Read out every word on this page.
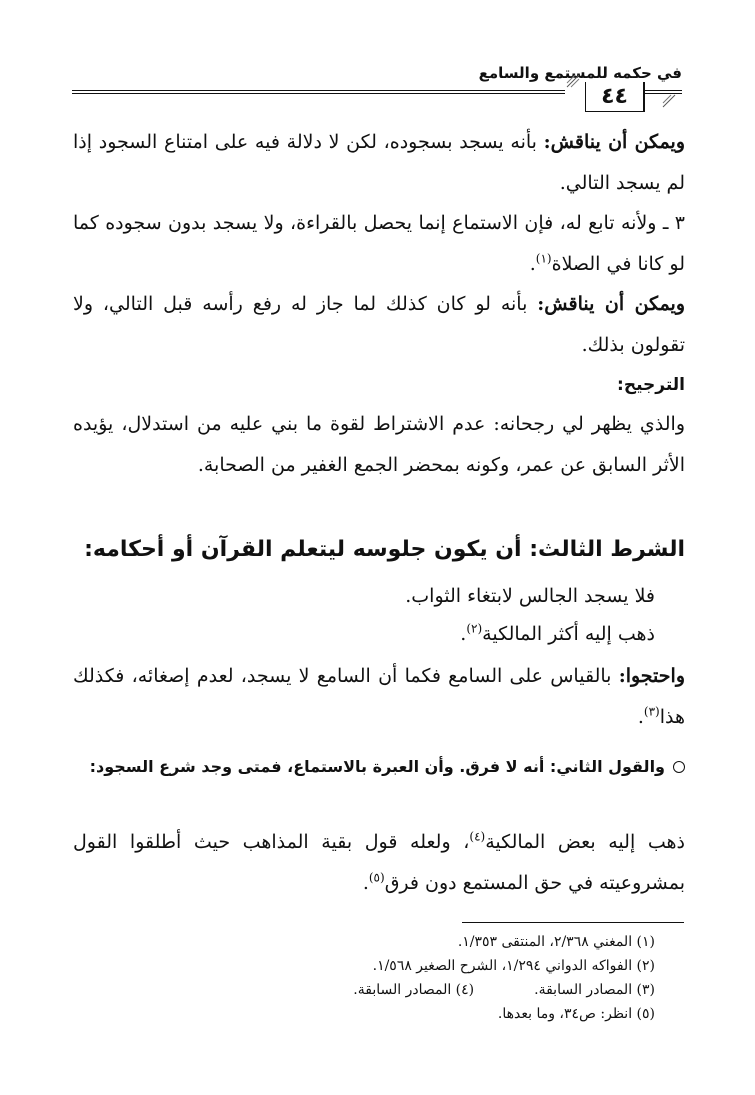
في حكمه للمستمع والسامع
٤٤
ويمكن أن يناقش: بأنه يسجد بسجوده، لكن لا دلالة فيه على امتناع السجود إذا لم يسجد التالي.
٣ ـ ولأنه تابع له، فإن الاستماع إنما يحصل بالقراءة، ولا يسجد بدون سجوده كما لو كانا في الصلاة$^{(١)}$.
ويمكن أن يناقش: بأنه لو كان كذلك لما جاز له رفع رأسه قبل التالي، ولا تقولون بذلك.
الترجيح:
والذي يظهر لي رجحانه: عدم الاشتراط لقوة ما بني عليه من استدلال، يؤيده الأثر السابق عن عمر، وكونه بمحضر الجمع الغفير من الصحابة.
الشرط الثالث: أن يكون جلوسه ليتعلم القرآن أو أحكامه:
فلا يسجد الجالس لابتغاء الثواب.
ذهب إليه أكثر المالكية$^{(٢)}$.
واحتجوا: بالقياس على السامع فكما أن السامع لا يسجد، لعدم إصغائه، فكذلك هذا$^{(٣)}$.
والقول الثاني: أنه لا فرق. وأن العبرة بالاستماع، فمتى وجد شرع السجود:
ذهب إليه بعض المالكية$^{(٤)}$، ولعله قول بقية المذاهب حيث أطلقوا القول بمشروعيته في حق المستمع دون فرق$^{(٥)}$.
(١) المغني ٢/٣٦٨، المنتقى ١/٣٥٣.
(٢) الفواكه الدواني ١/٢٩٤، الشرح الصغير ١/٥٦٨.
(٣) المصادر السابقة.
(٤) المصادر السابقة.
(٥) انظر: ص٣٤، وما بعدها.
